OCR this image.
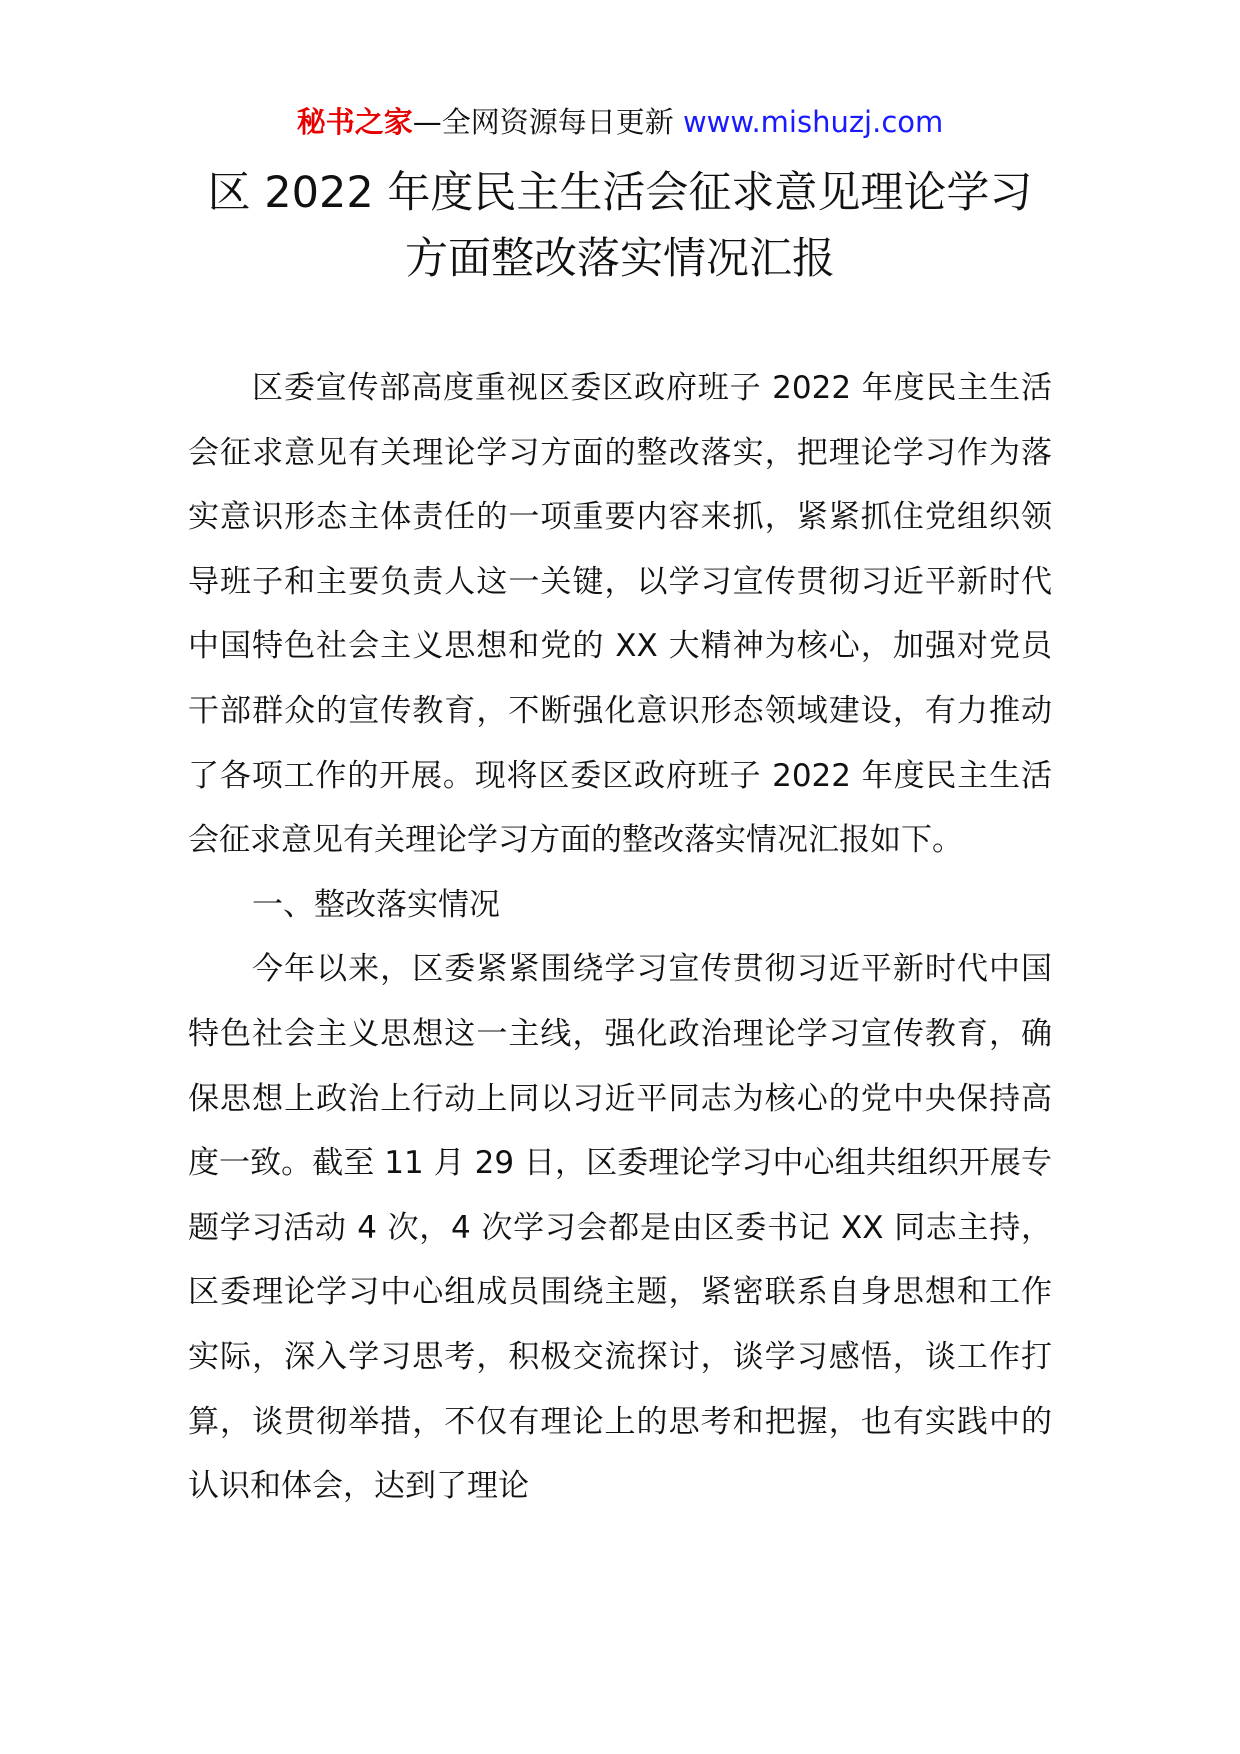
秘书之家—全网资源每日更新 www.mishuzj.com
区 2022 年度民主生活会征求意见理论学习
方面整改落实情况汇报

区委宣传部高度重视区委区政府班子 2022 年度民主生活会征求意见有关理论学习方面的整改落实，把理论学习作为落实意识形态主体责任的一项重要内容来抓，紧紧抓住党组织领导班子和主要负责人这一关键，以学习宣传贯彻习近平新时代中国特色社会主义思想和党的 XX 大精神为核心，加强对党员干部群众的宣传教育，不断强化意识形态领域建设，有力推动了各项工作的开展。现将区委区政府班子 2022 年度民主生活会征求意见有关理论学习方面的整改落实情况汇报如下。

一、整改落实情况

今年以来，区委紧紧围绕学习宣传贯彻习近平新时代中国特色社会主义思想这一主线，强化政治理论学习宣传教育，确保思想上政治上行动上同以习近平同志为核心的党中央保持高度一致。截至 11 月 29 日，区委理论学习中心组共组织开展专题学习活动 4 次，4 次学习会都是由区委书记 XX 同志主持，区委理论学习中心组成员围绕主题，紧密联系自身思想和工作实际，深入学习思考，积极交流探讨，谈学习感悟，谈工作打算，谈贯彻举措，不仅有理论上的思考和把握，也有实践中的认识和体会，达到了理论
